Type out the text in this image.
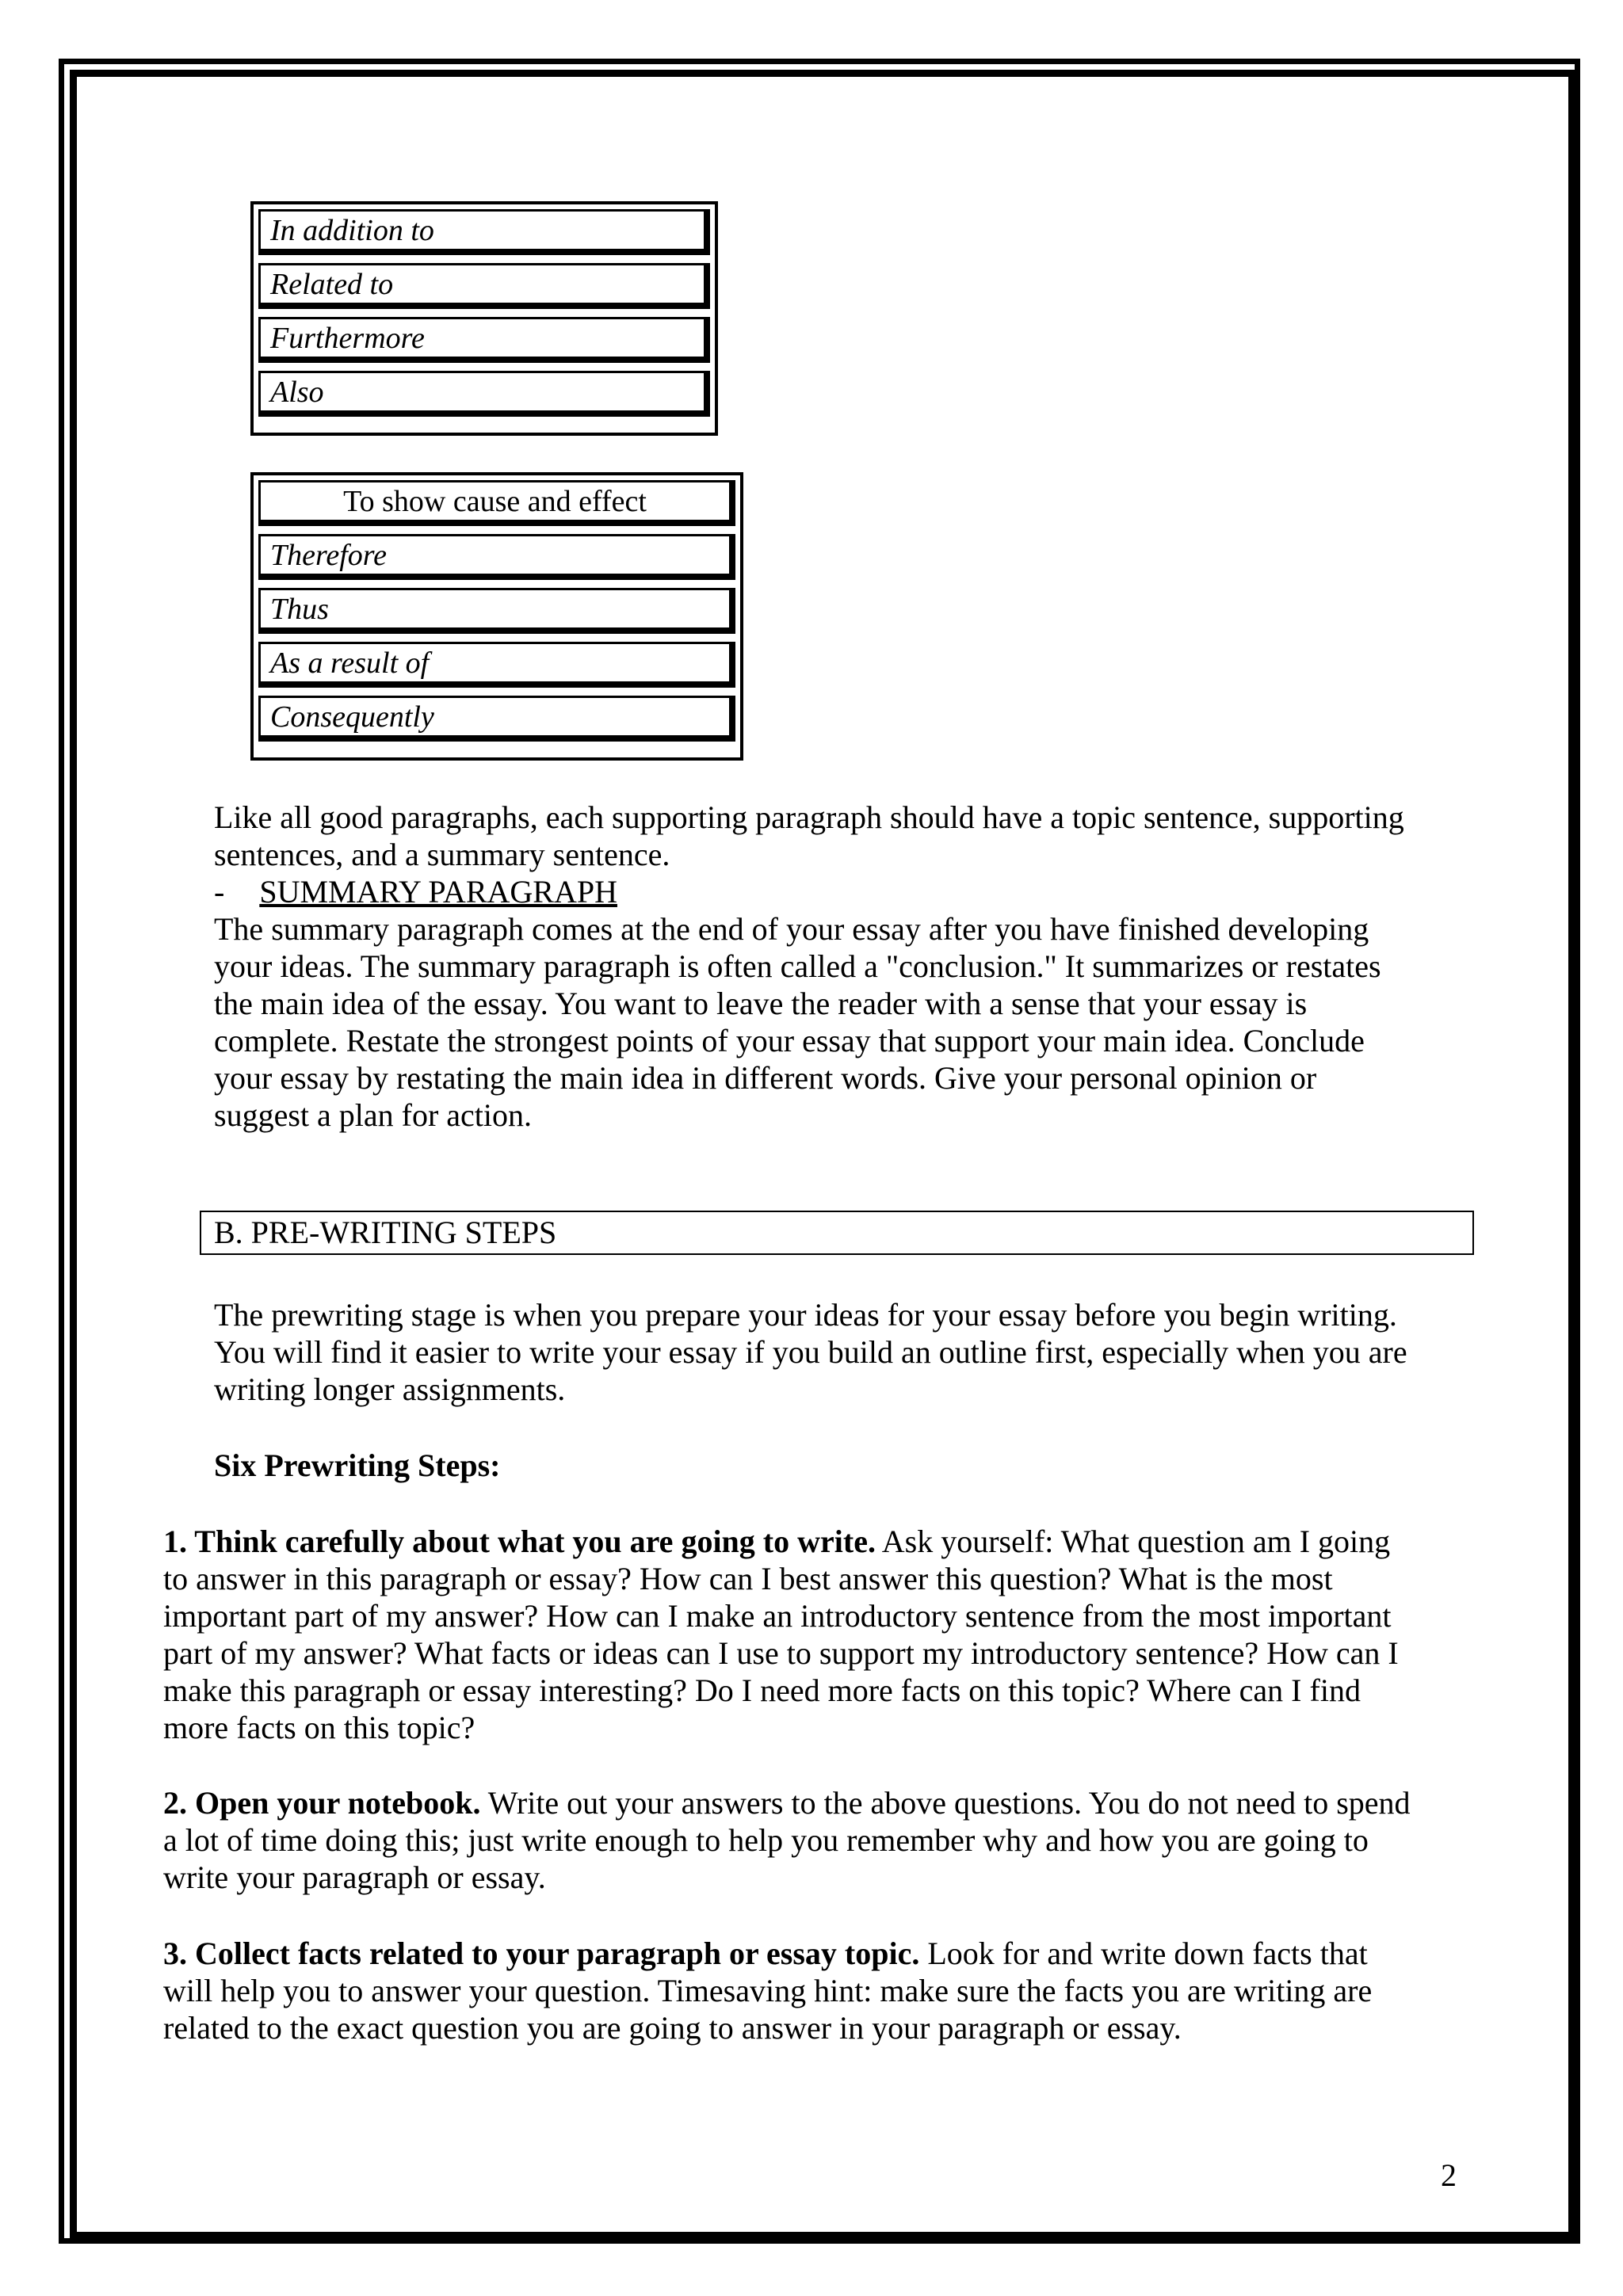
In addition to
Related to
Furthermore
Also
To show cause and effect
Therefore
Thus
As a result of
Consequently
Like all good paragraphs, each supporting paragraph should have a topic sentence, supporting
sentences, and a summary sentence.
- SUMMARY PARAGRAPH
The summary paragraph comes at the end of your essay after you have finished developing
your ideas. The summary paragraph is often called a "conclusion." It summarizes or restates
the main idea of the essay. You want to leave the reader with a sense that your essay is
complete. Restate the strongest points of your essay that support your main idea. Conclude
your essay by restating the main idea in different words. Give your personal opinion or
suggest a plan for action.
B. PRE-WRITING STEPS
The prewriting stage is when you prepare your ideas for your essay before you begin writing.
You will find it easier to write your essay if you build an outline first, especially when you are
writing longer assignments.
Six Prewriting Steps:
1. Think carefully about what you are going to write. Ask yourself: What question am I going
to answer in this paragraph or essay? How can I best answer this question? What is the most
important part of my answer? How can I make an introductory sentence from the most important
part of my answer? What facts or ideas can I use to support my introductory sentence? How can I
make this paragraph or essay interesting? Do I need more facts on this topic? Where can I find
more facts on this topic?
2. Open your notebook. Write out your answers to the above questions. You do not need to spend
a lot of time doing this; just write enough to help you remember why and how you are going to
write your paragraph or essay.
3. Collect facts related to your paragraph or essay topic. Look for and write down facts that
will help you to answer your question. Timesaving hint: make sure the facts you are writing are
related to the exact question you are going to answer in your paragraph or essay.
2
